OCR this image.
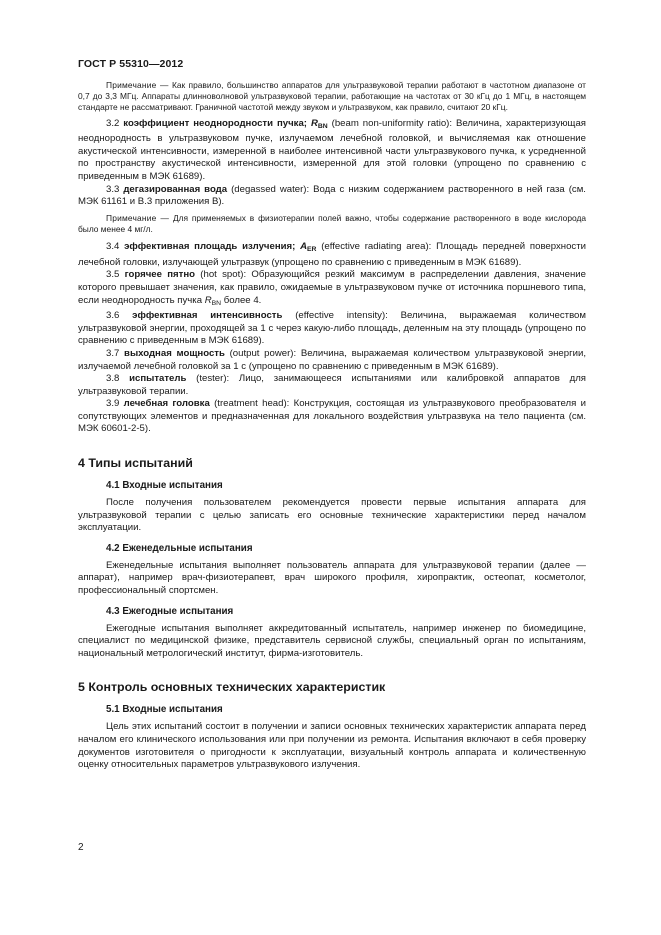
ГОСТ Р 55310—2012

Примечание — Как правило, большинство аппаратов для ультразвуковой терапии работают в частотном диапазоне от 0,7 до 3,3 МГц. Аппараты длинноволновой ультразвуковой терапии, работающие на частотах от 30 кГц до 1 МГц, в настоящем стандарте не рассматривают. Граничной частотой между звуком и ультразвуком, как правило, считают 20 кГц.

3.2 коэффициент неоднородности пучка; $R_{BN}$ (beam non-uniformity ratio): Величина, характеризующая неоднородность в ультразвуковом пучке, излучаемом лечебной головкой, и вычисляемая как отношение акустической интенсивности, измеренной в наиболее интенсивной части ультразвукового пучка, к усредненной по пространству акустической интенсивности, измеренной для этой головки (упрощено по сравнению с приведенным в МЭК 61689).

3.3 дегазированная вода (degassed water): Вода с низким содержанием растворенного в ней газа (см. МЭК 61161 и В.3 приложения В).

Примечание — Для применяемых в физиотерапии полей важно, чтобы содержание растворенного в воде кислорода было менее 4 мг/л.

3.4 эффективная площадь излучения; $A_{ER}$ (effective radiating area): Площадь передней поверхности лечебной головки, излучающей ультразвук (упрощено по сравнению с приведенным в МЭК 61689).

3.5 горячее пятно (hot spot): Образующийся резкий максимум в распределении давления, значение которого превышает значения, как правило, ожидаемые в ультразвуковом пучке от источника поршневого типа, если неоднородность пучка $R_{BN}$ более 4.

3.6 эффективная интенсивность (effective intensity): Величина, выражаемая количеством ультразвуковой энергии, проходящей за 1 с через какую-либо площадь, деленным на эту площадь (упрощено по сравнению с приведенным в МЭК 61689).

3.7 выходная мощность (output power): Величина, выражаемая количеством ультразвуковой энергии, излучаемой лечебной головкой за 1 с (упрощено по сравнению с приведенным в МЭК 61689).

3.8 испытатель (tester): Лицо, занимающееся испытаниями или калибровкой аппаратов для ультразвуковой терапии.

3.9 лечебная головка (treatment head): Конструкция, состоящая из ультразвукового преобразователя и сопутствующих элементов и предназначенная для локального воздействия ультразвука на тело пациента (см. МЭК 60601-2-5).

4 Типы испытаний
4.1 Входные испытания

После получения пользователем рекомендуется провести первые испытания аппарата для ультразвуковой терапии с целью записать его основные технические характеристики перед началом эксплуатации.

4.2 Еженедельные испытания

Еженедельные испытания выполняет пользователь аппарата для ультразвуковой терапии (далее — аппарат), например врач-физиотерапевт, врач широкого профиля, хиропрактик, остеопат, косметолог, профессиональный спортсмен.

4.3 Ежегодные испытания

Ежегодные испытания выполняет аккредитованный испытатель, например инженер по биомедицине, специалист по медицинской физике, представитель сервисной службы, специальный орган по испытаниям, национальный метрологический институт, фирма-изготовитель.

5 Контроль основных технических характеристик
5.1 Входные испытания

Цель этих испытаний состоит в получении и записи основных технических характеристик аппарата перед началом его клинического использования или при получении из ремонта. Испытания включают в себя проверку документов изготовителя о пригодности к эксплуатации, визуальный контроль аппарата и количественную оценку относительных параметров ультразвукового излучения.

2
